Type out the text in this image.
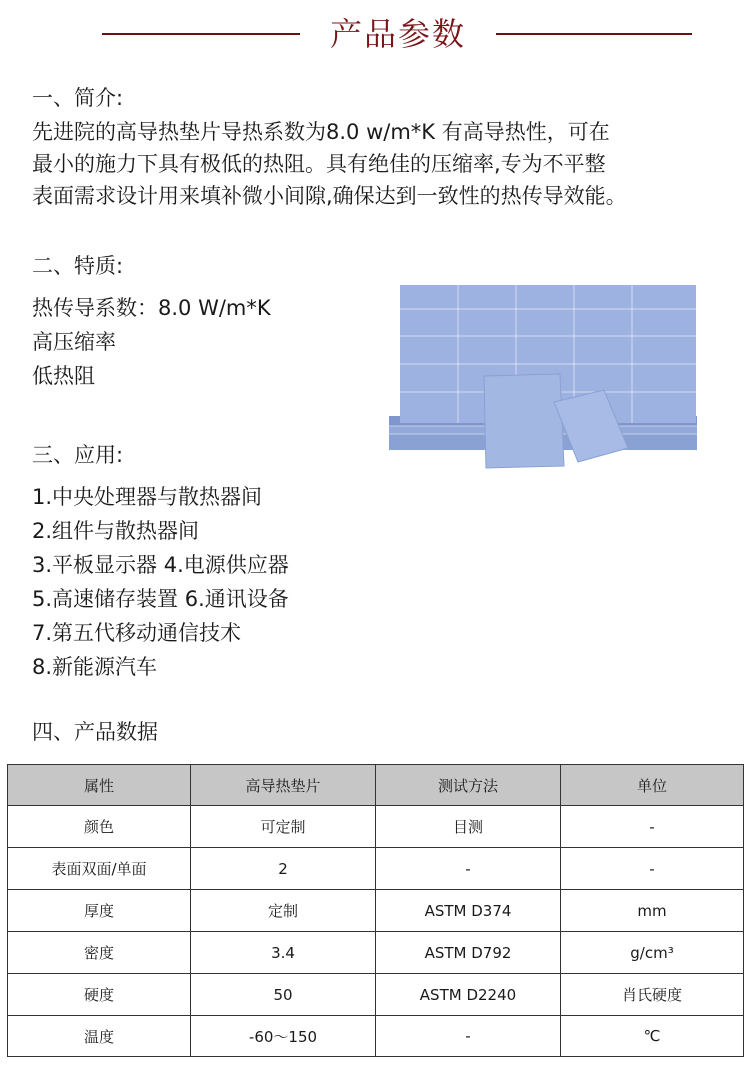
产品参数
一、简介:
先进院的高导热垫片导热系数为8.0 w/m*K 有高导热性，可在
最小的施力下具有极低的热阻。具有绝佳的压缩率,专为不平整
表面需求设计用来填补微小间隙,确保达到一致性的热传导效能。
二、特质:
热传导系数：8.0 W/m*K
高压缩率
低热阻
三、应用:
1.中央处理器与散热器间
2.组件与散热器间
3.平板显示器 4.电源供应器
5.高速储存装置 6.通讯设备
7.第五代移动通信技术
8.新能源汽车
四、产品数据
属性	高导热垫片	测试方法	单位
颜色	可定制	目测	-
表面双面/单面	2	-	-
厚度	定制	ASTM D374	mm
密度	3.4	ASTM D792	g/cm³
硬度	50	ASTM D2240	肖氏硬度
温度	-60～150	-	℃
